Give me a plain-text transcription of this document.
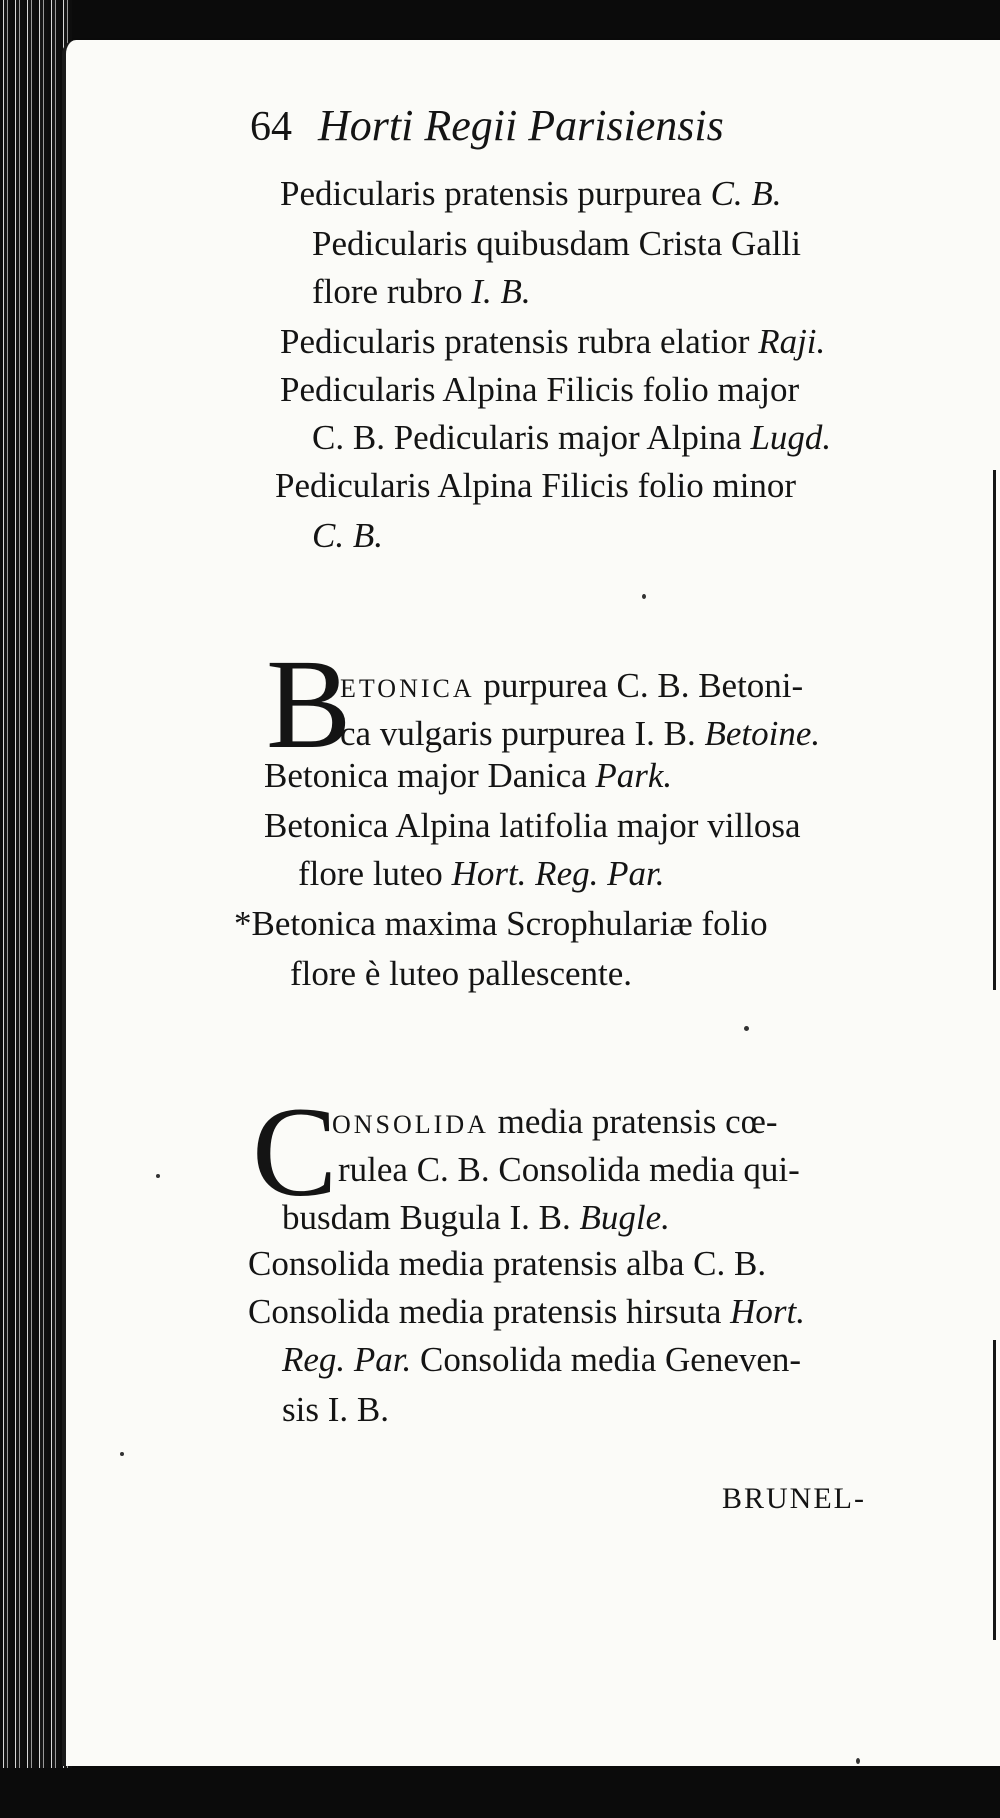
64 Horti Regii Parisiensis
Pedicularis pratensis purpurea C. B.
Pedicularis quibusdam Crista Galli
flore rubro I. B.
Pedicularis pratensis rubra elatior Raji.
Pedicularis Alpina Filicis folio major
C. B. Pedicularis major Alpina Lugd.
Pedicularis Alpina Filicis folio minor
C. B.
B
ETONICA purpurea C. B. Betoni-
ca vulgaris purpurea I. B. Betoine.
Betonica major Danica Park.
Betonica Alpina latifolia major villosa
flore luteo Hort. Reg. Par.
*Betonica maxima Scrophulariæ folio
flore è luteo pallescente.
C
ONSOLIDA media pratensis cœ-
rulea C. B. Consolida media qui-
busdam Bugula I. B. Bugle.
Consolida media pratensis alba C. B.
Consolida media pratensis hirsuta Hort.
Reg. Par. Consolida media Geneven-
sis I. B.
BRUNEL-
